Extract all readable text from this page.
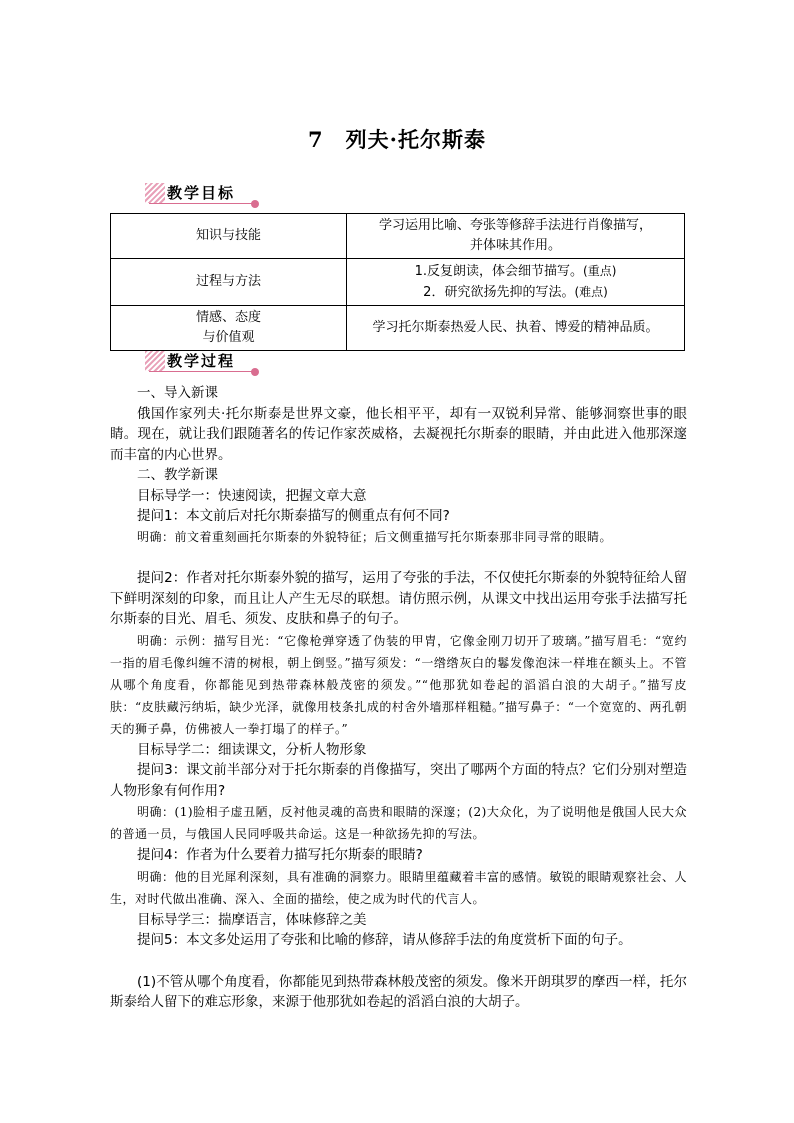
7　列夫·托尔斯泰
教学目标
知识与技能	学习运用比喻、夸张等修辞手法进行肖像描写，
并体味其作用。

过程与方法	1.反复朗读，体会细节描写。(重点)
2．研究欲扬先抑的写法。(难点)

情感、态度
与价值观	学习托尔斯泰热爱人民、执着、博爱的精神品质。
教学过程

一、导入新课

俄国作家列夫·托尔斯泰是世界文豪，他长相平平，却有一双锐利异常、能够洞察世事的眼睛。现在，就让我们跟随著名的传记作家茨威格，去凝视托尔斯泰的眼睛，并由此进入他那深邃而丰富的内心世界。

二、教学新课

目标导学一：快速阅读，把握文章大意

提问1：本文前后对托尔斯泰描写的侧重点有何不同?

明确：前文着重刻画托尔斯泰的外貌特征；后文侧重描写托尔斯泰那非同寻常的眼睛。

提问2：作者对托尔斯泰外貌的描写，运用了夸张的手法，不仅使托尔斯泰的外貌特征给人留下鲜明深刻的印象，而且让人产生无尽的联想。请仿照示例，从课文中找出运用夸张手法描写托尔斯泰的目光、眉毛、须发、皮肤和鼻子的句子。

明确：示例：描写目光：“它像枪弹穿透了伪装的甲胄，它像金刚刀切开了玻璃。”描写眉毛：“宽约一指的眉毛像纠缠不清的树根，朝上倒竖。”描写须发：“一绺绺灰白的鬈发像泡沫一样堆在额头上。不管从哪个角度看，你都能见到热带森林般茂密的须发。”“他那犹如卷起的滔滔白浪的大胡子。”描写皮肤：“皮肤藏污纳垢，缺少光泽，就像用枝条扎成的村舍外墙那样粗糙。”描写鼻子：“一个宽宽的、两孔朝天的狮子鼻，仿佛被人一拳打塌了的样子。”

目标导学二：细读课文，分析人物形象

提问3：课文前半部分对于托尔斯泰的肖像描写，突出了哪两个方面的特点？它们分别对塑造人物形象有何作用?

明确：(1)脸相子虚丑陋，反衬他灵魂的高贵和眼睛的深邃；(2)大众化，为了说明他是俄国人民大众的普通一员，与俄国人民同呼吸共命运。这是一种欲扬先抑的写法。

提问4：作者为什么要着力描写托尔斯泰的眼睛?

明确：他的目光犀利深刻，具有准确的洞察力。眼睛里蕴藏着丰富的感情。敏锐的眼睛观察社会、人生，对时代做出准确、深入、全面的描绘，使之成为时代的代言人。

目标导学三：揣摩语言，体味修辞之美

提问5：本文多处运用了夸张和比喻的修辞，请从修辞手法的角度赏析下面的句子。

(1)不管从哪个角度看，你都能见到热带森林般茂密的须发。像米开朗琪罗的摩西一样，托尔斯泰给人留下的难忘形象，来源于他那犹如卷起的滔滔白浪的大胡子。
